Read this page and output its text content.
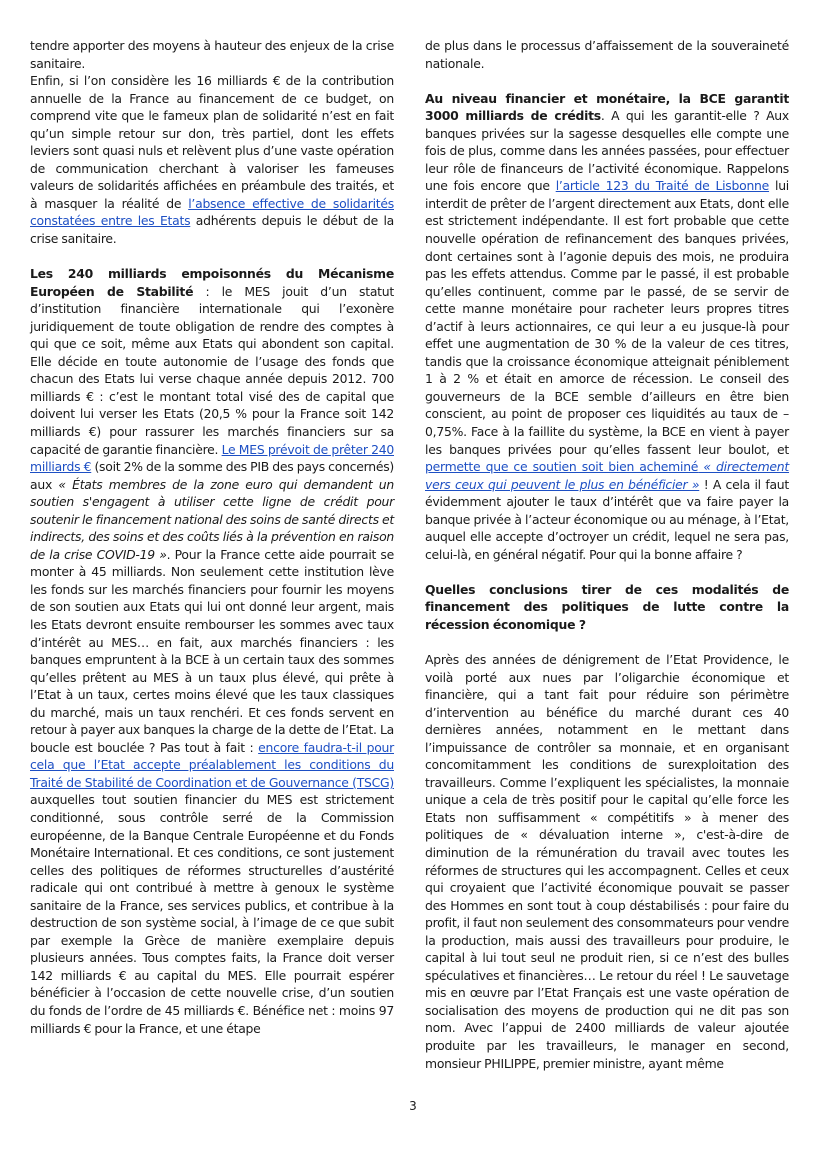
tendre apporter des moyens à hauteur des enjeux de la crise sanitaire.

Enfin, si l’on considère les 16 milliards € de la contribution annuelle de la France au financement de ce budget, on comprend vite que le fameux plan de solidarité n’est en fait qu’un simple retour sur don, très partiel, dont les effets leviers sont quasi nuls et relèvent plus d’une vaste opération de communication cherchant à valoriser les fameuses valeurs de solidarités affichées en préambule des traités, et à masquer la réalité de l’absence effective de solidarités constatées entre les Etats adhérents depuis le début de la crise sanitaire.

Les 240 milliards empoisonnés du Mécanisme Européen de Stabilité : le MES jouit d’un statut d’institution financière internationale qui l’exonère juridiquement de toute obligation de rendre des comptes à qui que ce soit, même aux Etats qui abondent son capital. Elle décide en toute autonomie de l’usage des fonds que chacun des Etats lui verse chaque année depuis 2012. 700 milliards € : c’est le montant total visé des de capital que doivent lui verser les Etats (20,5 % pour la France soit 142 milliards €) pour rassurer les marchés financiers sur sa capacité de garantie financière. Le MES prévoit de prêter 240 milliards € (soit 2% de la somme des PIB des pays concernés) aux « États membres de la zone euro qui demandent un soutien s'engagent à utiliser cette ligne de crédit pour soutenir le financement national des soins de santé directs et indirects, des soins et des coûts liés à la prévention en raison de la crise COVID-19 ». Pour la France cette aide pourrait se monter à 45 milliards. Non seulement cette institution lève les fonds sur les marchés financiers pour fournir les moyens de son soutien aux Etats qui lui ont donné leur argent, mais les Etats devront ensuite rembourser les sommes avec taux d’intérêt au MES… en fait, aux marchés financiers : les banques empruntent à la BCE à un certain taux des sommes qu’elles prêtent au MES à un taux plus élevé, qui prête à l’Etat à un taux, certes moins élevé que les taux classiques du marché, mais un taux renchéri. Et ces fonds servent en retour à payer aux banques la charge de la dette de l’Etat. La boucle est bouclée ? Pas tout à fait : encore faudra-t-il pour cela que l’Etat accepte préalablement les conditions du Traité de Stabilité de Coordination et de Gouvernance (TSCG) auxquelles tout soutien financier du MES est strictement conditionné, sous contrôle serré de la Commission européenne, de la Banque Centrale Européenne et du Fonds Monétaire International. Et ces conditions, ce sont justement celles des politiques de réformes structurelles d’austérité radicale qui ont contribué à mettre à genoux le système sanitaire de la France, ses services publics, et contribue à la destruction de son système social, à l’image de ce que subit par exemple la Grèce de manière exemplaire depuis plusieurs années. Tous comptes faits, la France doit verser 142 milliards € au capital du MES. Elle pourrait espérer bénéficier à l’occasion de cette nouvelle crise, d’un soutien du fonds de l’ordre de 45 milliards €. Bénéfice net : moins 97 milliards € pour la France, et une étape

de plus dans le processus d’affaissement de la souveraineté nationale.

Au niveau financier et monétaire, la BCE garantit 3000 milliards de crédits. A qui les garantit-elle ? Aux banques privées sur la sagesse desquelles elle compte une fois de plus, comme dans les années passées, pour effectuer leur rôle de financeurs de l’activité économique. Rappelons une fois encore que l’article 123 du Traité de Lisbonne lui interdit de prêter de l’argent directement aux Etats, dont elle est strictement indépendante. Il est fort probable que cette nouvelle opération de refinancement des banques privées, dont certaines sont à l’agonie depuis des mois, ne produira pas les effets attendus. Comme par le passé, il est probable qu’elles continuent, comme par le passé, de se servir de cette manne monétaire pour racheter leurs propres titres d’actif à leurs actionnaires, ce qui leur a eu jusque-là pour effet une augmentation de 30 % de la valeur de ces titres, tandis que la croissance économique atteignait péniblement 1 à 2 % et était en amorce de récession. Le conseil des gouverneurs de la BCE semble d’ailleurs en être bien conscient, au point de proposer ces liquidités au taux de – 0,75%. Face à la faillite du système, la BCE en vient à payer les banques privées pour qu’elles fassent leur boulot, et permette que ce soutien soit bien acheminé « directement vers ceux qui peuvent le plus en bénéficier » ! A cela il faut évidemment ajouter le taux d’intérêt que va faire payer la banque privée à l’acteur économique ou au ménage, à l’Etat, auquel elle accepte d’octroyer un crédit, lequel ne sera pas, celui-là, en général négatif. Pour qui la bonne affaire ?

Quelles conclusions tirer de ces modalités de financement des politiques de lutte contre la récession économique ?

Après des années de dénigrement de l’Etat Providence, le voilà porté aux nues par l’oligarchie économique et financière, qui a tant fait pour réduire son périmètre d’intervention au bénéfice du marché durant ces 40 dernières années, notamment en le mettant dans l’impuissance de contrôler sa monnaie, et en organisant concomitamment les conditions de surexploitation des travailleurs. Comme l’expliquent les spécialistes, la monnaie unique a cela de très positif pour le capital qu’elle force les Etats non suffisamment « compétitifs » à mener des politiques de « dévaluation interne », c'est-à-dire de diminution de la rémunération du travail avec toutes les réformes de structures qui les accompagnent. Celles et ceux qui croyaient que l’activité économique pouvait se passer des Hommes en sont tout à coup déstabilisés : pour faire du profit, il faut non seulement des consommateurs pour vendre la production, mais aussi des travailleurs pour produire, le capital à lui tout seul ne produit rien, si ce n’est des bulles spéculatives et financières… Le retour du réel ! Le sauvetage mis en œuvre par l’Etat Français est une vaste opération de socialisation des moyens de production qui ne dit pas son nom. Avec l’appui de 2400 milliards de valeur ajoutée produite par les travailleurs, le manager en second, monsieur PHILIPPE, premier ministre, ayant même

3
